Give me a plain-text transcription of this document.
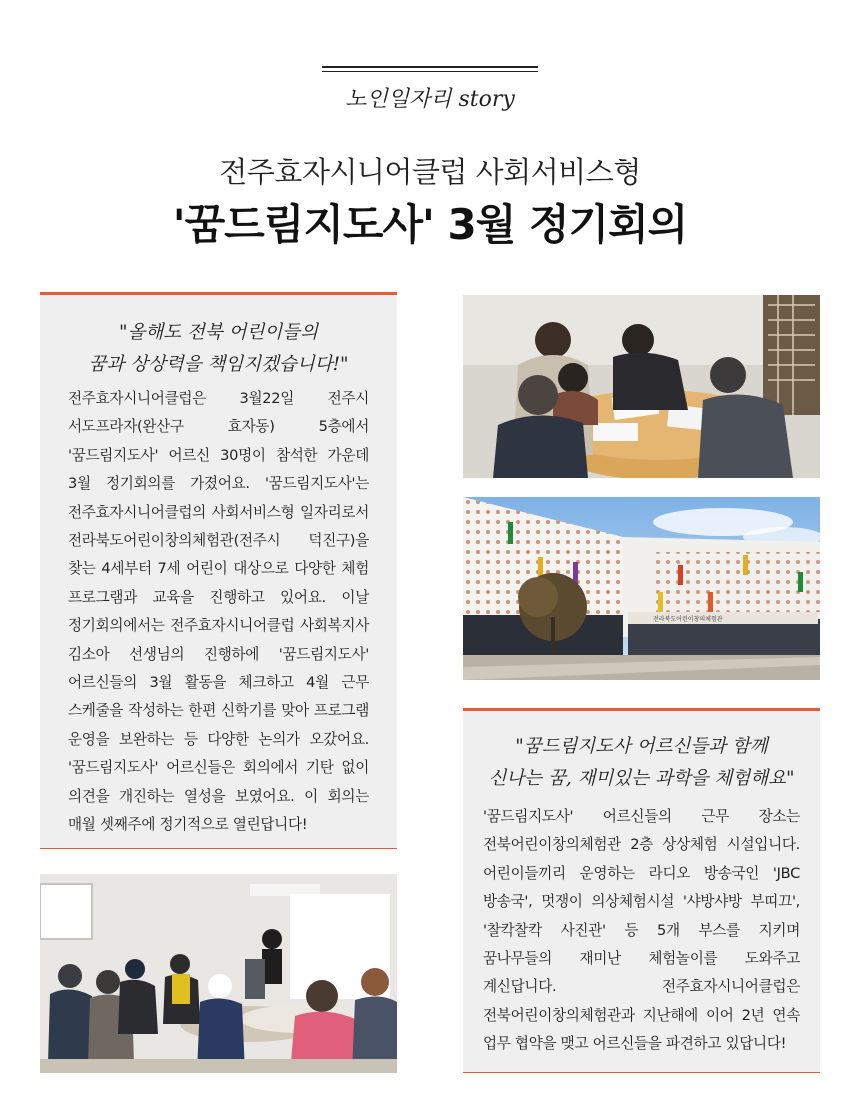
노인일자리 story
전주효자시니어클럽 사회서비스형
'꿈드림지도사' 3월 정기회의
"올해도 전북 어린이들의
꿈과 상상력을 책임지겠습니다!"

전주효자시니어클럽은 3월22일 전주시 서도프라자(완산구 효자동) 5층에서 '꿈드림지도사' 어르신 30명이 참석한 가운데 3월 정기회의를 가졌어요. '꿈드림지도사'는 전주효자시니어클럽의 사회서비스형 일자리로서 전라북도어린이창의체험관(전주시 덕진구)을 찾는 4세부터 7세 어린이 대상으로 다양한 체험 프로그램과 교육을 진행하고 있어요. 이날 정기회의에서는 전주효자시니어클럽 사회복지사 김소아 선생님의 진행하에 '꿈드림지도사' 어르신들의 3월 활동을 체크하고 4월 근무 스케줄을 작성하는 한편 신학기를 맞아 프로그램 운영을 보완하는 등 다양한 논의가 오갔어요. '꿈드림지도사' 어르신들은 회의에서 기탄 없이 의견을 개진하는 열성을 보였어요. 이 회의는 매월 셋째주에 정기적으로 열린답니다!

전라북도어린이창의체험관
"꿈드림지도사 어르신들과 함께
신나는 꿈, 재미있는 과학을 체험해요"

'꿈드림지도사' 어르신들의 근무 장소는 전북어린이창의체험관 2층 상상체험 시설입니다. 어린이들끼리 운영하는 라디오 방송국인 'JBC 방송국', 멋쟁이 의상체험시설 '샤방샤방 부띠끄', '찰칵찰칵 사진관' 등 5개 부스를 지키며 꿈나무들의 재미난 체험놀이를 도와주고 계신답니다. 전주효자시니어클럽은 전북어린이창의체험관과 지난해에 이어 2년 연속 업무 협약을 맺고 어르신들을 파견하고 있답니다!
